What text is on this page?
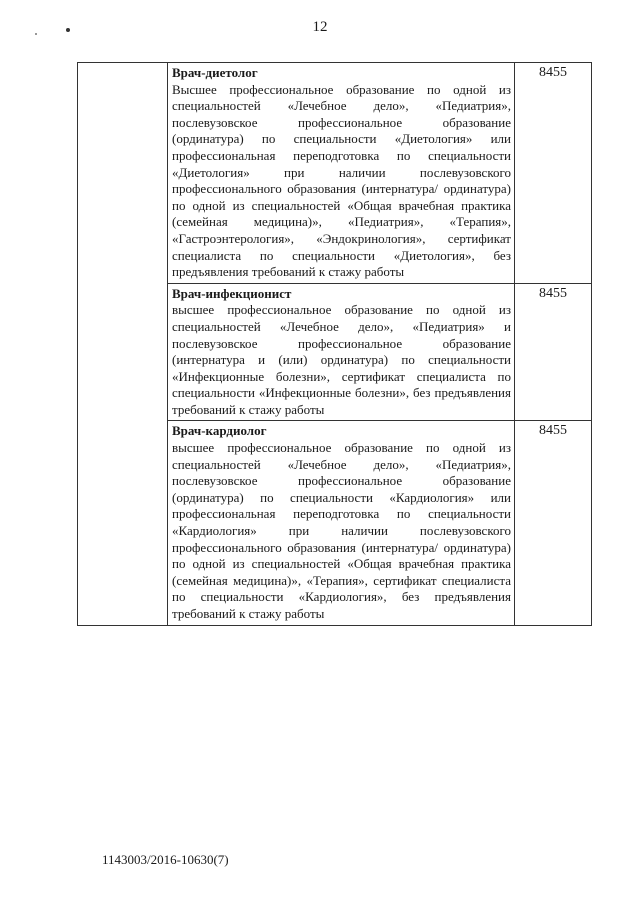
12

	Врач-диетолог
Высшее профессиональное образование по одной из специальностей «Лечебное дело», «Педиатрия», послевузовское профессиональное образование (ординатура) по специальности «Диетология» или профессиональная переподготовка по специальности «Диетология» при наличии послевузовского профессионального образования (интернатура/ ординатура) по одной из специальностей «Общая врачебная практика (семейная медицина)», «Педиатрия», «Терапия», «Гастроэнтерология», «Эндокринология», сертификат специалиста по специальности «Диетология», без предъявления требований к стажу работы	8455

	Врач-инфекционист
высшее профессиональное образование по одной из специальностей «Лечебное дело», «Педиатрия» и послевузовское профессиональное образование (интернатура и (или) ординатура) по специальности «Инфекционные болезни», сертификат специалиста по специальности «Инфекционные болезни», без предъявления требований к стажу работы	8455

	Врач-кардиолог
высшее профессиональное образование по одной из специальностей «Лечебное дело», «Педиатрия», послевузовское профессиональное образование (ординатура) по специальности «Кардиология» или профессиональная переподготовка по специальности «Кардиология» при наличии послевузовского профессионального образования (интернатура/ ординатура) по одной из специальностей «Общая врачебная практика (семейная медицина)», «Терапия», сертификат специалиста по специальности «Кардиология», без предъявления требований к стажу работы	8455
1143003/2016-10630(7)
